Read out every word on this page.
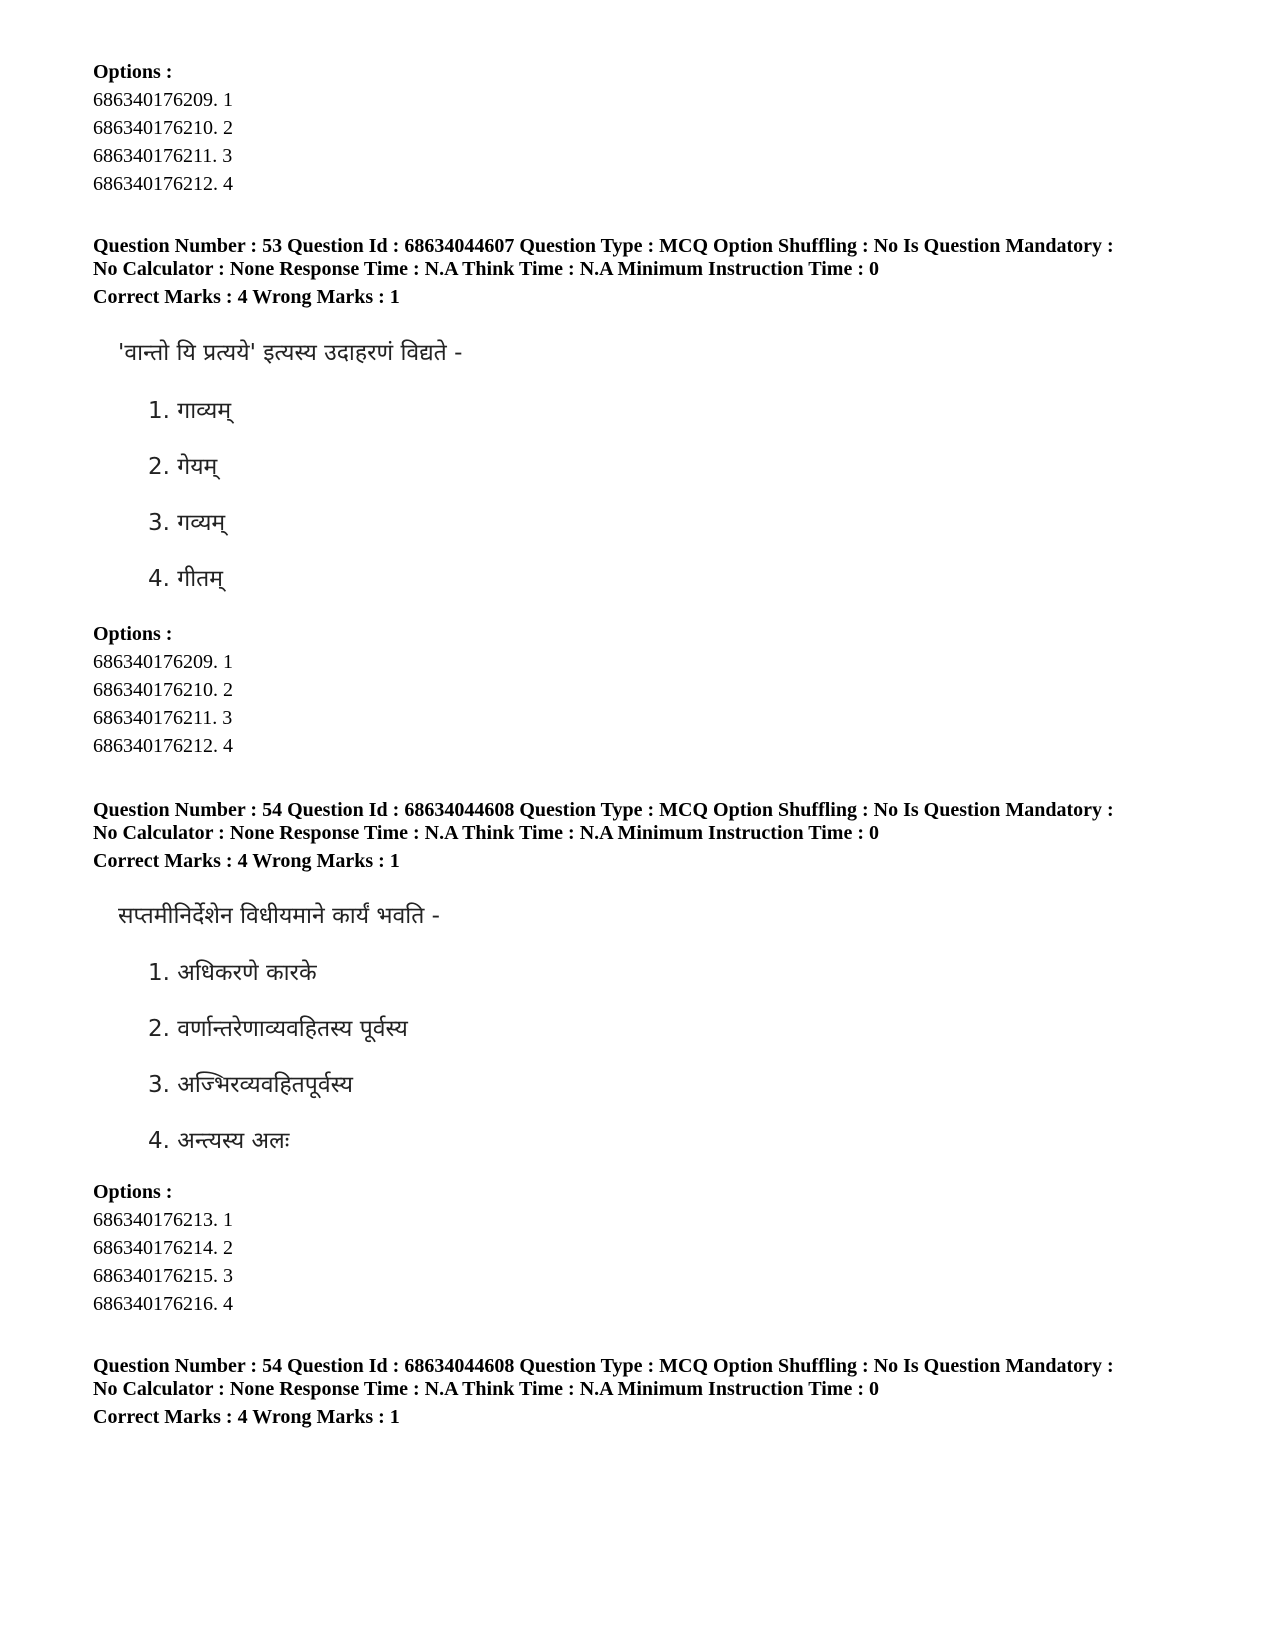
Options :
686340176209. 1
686340176210. 2
686340176211. 3
686340176212. 4
Question Number : 53 Question Id : 68634044607 Question Type : MCQ Option Shuffling : No Is Question Mandatory :
No Calculator : None Response Time : N.A Think Time : N.A Minimum Instruction Time : 0
Correct Marks : 4 Wrong Marks : 1
'वान्तो यि प्रत्यये' इत्यस्य उदाहरणं विद्यते -
1. गाव्यम्
2. गेयम्
3. गव्यम्
4. गीतम्
Options :
686340176209. 1
686340176210. 2
686340176211. 3
686340176212. 4
Question Number : 54 Question Id : 68634044608 Question Type : MCQ Option Shuffling : No Is Question Mandatory :
No Calculator : None Response Time : N.A Think Time : N.A Minimum Instruction Time : 0
Correct Marks : 4 Wrong Marks : 1
सप्तमीनिर्देशेन विधीयमाने कार्यं भवति -
1. अधिकरणे कारके
2. वर्णान्तरेणाव्यवहितस्य पूर्वस्य
3. अज्भिरव्यवहितपूर्वस्य
4. अन्त्यस्य अलः
Options :
686340176213. 1
686340176214. 2
686340176215. 3
686340176216. 4
Question Number : 54 Question Id : 68634044608 Question Type : MCQ Option Shuffling : No Is Question Mandatory :
No Calculator : None Response Time : N.A Think Time : N.A Minimum Instruction Time : 0
Correct Marks : 4 Wrong Marks : 1
